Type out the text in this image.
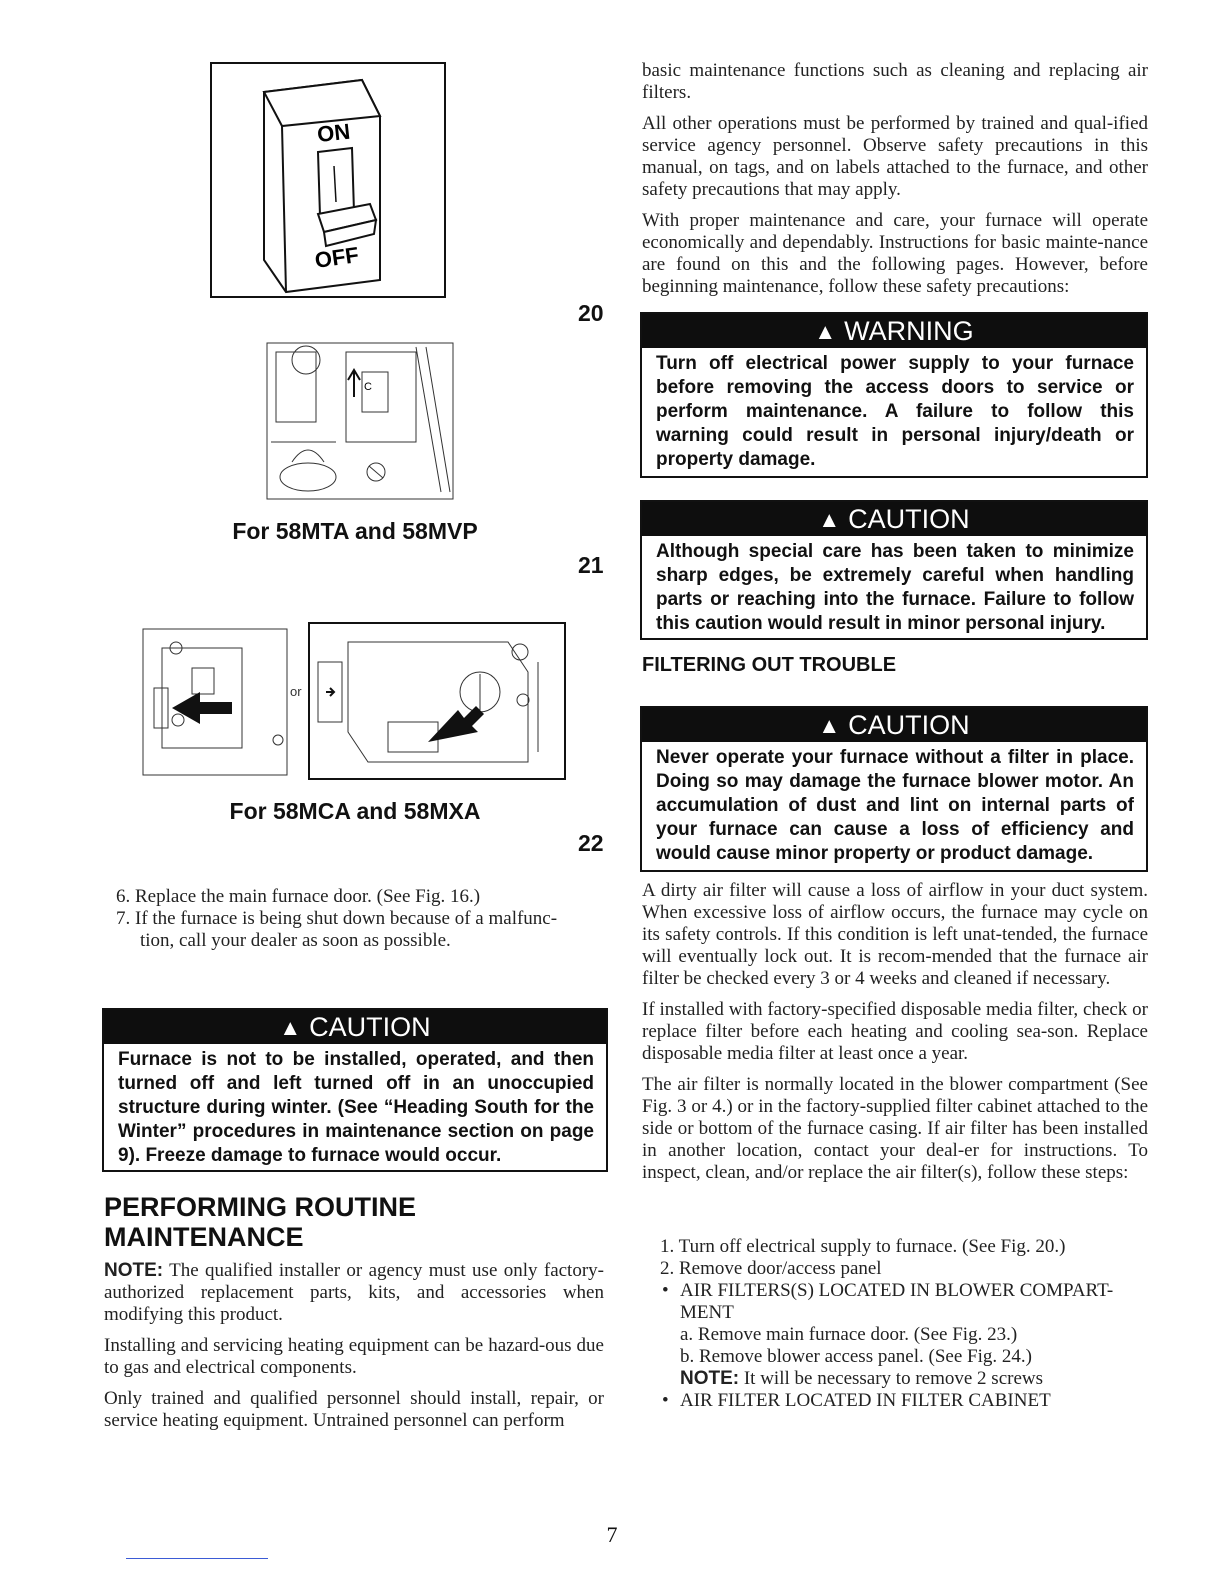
ON
OFF
20
C
For 58MTA and 58MVP
21
or
For 58MCA and 58MXA
22
6. Replace the main furnace door. (See Fig. 16.)
7. If the furnace is being shut down because of a malfunc-
tion, call your dealer as soon as possible.
▲ CAUTION
Furnace is not to be installed, operated, and then turned off and left turned off in an unoccupied structure during winter. (See “Heading South for the Winter” procedures in maintenance section on page 9). Freeze damage to furnace would occur.
PERFORMING ROUTINE
MAINTENANCE

NOTE: The qualified installer or agency must use only factory-authorized replacement parts, kits, and accessories when modifying this product.

Installing and servicing heating equipment can be hazard-ous due to gas and electrical components.

Only trained and qualified personnel should install, repair, or service heating equipment. Untrained personnel can perform

basic maintenance functions such as cleaning and replacing air filters.

All other operations must be performed by trained and qual-ified service agency personnel. Observe safety precautions in this manual, on tags, and on labels attached to the furnace, and other safety precautions that may apply.

With proper maintenance and care, your furnace will operate economically and dependably. Instructions for basic mainte-nance are found on this and the following pages. However, before beginning maintenance, follow these safety precautions:

▲ WARNING
Turn off electrical power supply to your furnace before removing the access doors to service or perform maintenance. A failure to follow this warning could result in personal injury/death or property damage.
▲ CAUTION
Although special care has been taken to minimize sharp edges, be extremely careful when handling parts or reaching into the furnace. Failure to follow this caution would result in minor personal injury.
FILTERING OUT TROUBLE
▲ CAUTION
Never operate your furnace without a filter in place. Doing so may damage the furnace blower motor. An accumulation of dust and lint on internal parts of your furnace can cause a loss of efficiency and would cause minor property or product damage.

A dirty air filter will cause a loss of airflow in your duct system. When excessive loss of airflow occurs, the furnace may cycle on its safety controls. If this condition is left unat-tended, the furnace will eventually lock out. It is recom-mended that the furnace air filter be checked every 3 or 4 weeks and cleaned if necessary.

If installed with factory-specified disposable media filter, check or replace filter before each heating and cooling sea-son. Replace disposable media filter at least once a year.

The air filter is normally located in the blower compartment (See Fig. 3 or 4.) or in the factory-supplied filter cabinet attached to the side or bottom of the furnace casing. If air filter has been installed in another location, contact your deal-er for instructions. To inspect, clean, and/or replace the air filter(s), follow these steps:

1. Turn off electrical supply to furnace. (See Fig. 20.)
2. Remove door/access panel
• AIR FILTERS(S) LOCATED IN BLOWER COMPART-
MENT
a. Remove main furnace door. (See Fig. 23.)
b. Remove blower access panel. (See Fig. 24.)
NOTE: It will be necessary to remove 2 screws
• AIR FILTER LOCATED IN FILTER CABINET
7
